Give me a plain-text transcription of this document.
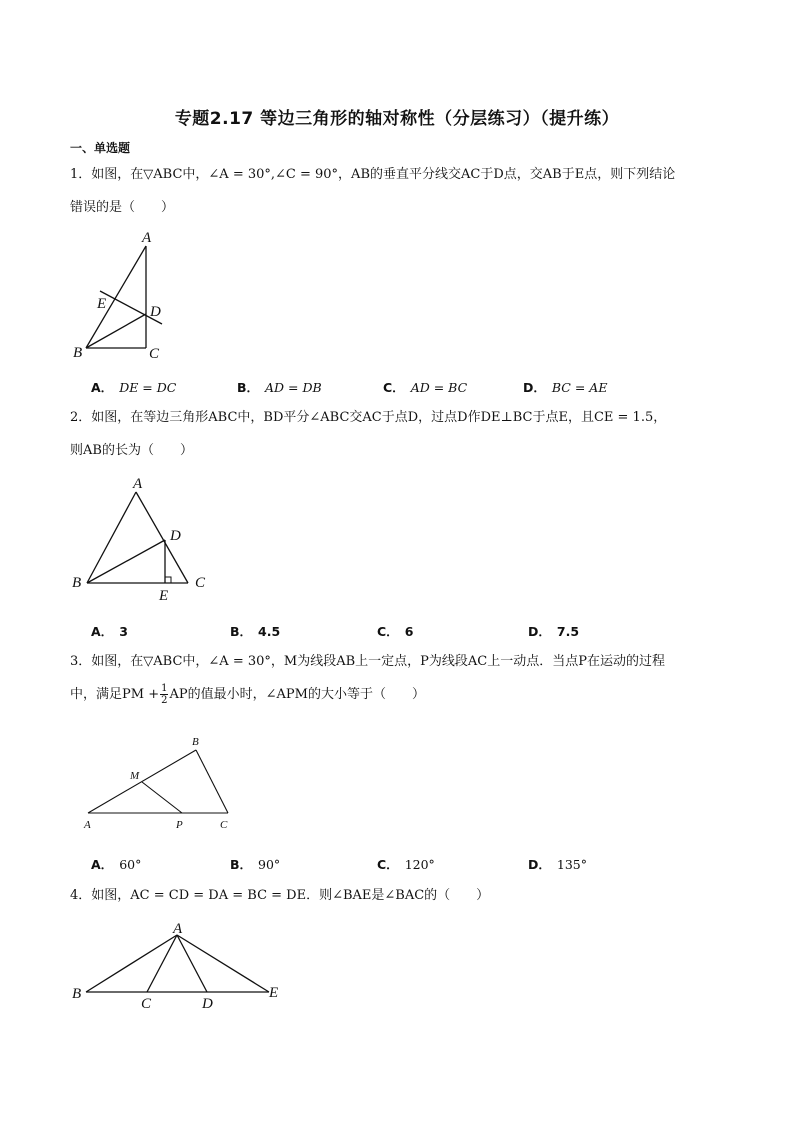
专题2.17 等边三角形的轴对称性（分层练习）（提升练）
一、单选题
1．如图，在▽ABC中，∠A = 30°,∠C = 90°，AB的垂直平分线交AC于D点，交AB于E点，则下列结论
错误的是（　　）
A
B	C
D
E
A． DE = DC	B． AD = DB	C． AD = BC	D． BC = AE
2．如图，在等边三角形ABC中，BD平分∠ABC交AC于点D，过点D作DE⊥BC于点E，且CE = 1.5，
则AB的长为（　　）
A
B	C
D
E
A． 3	B． 4.5	C． 6	D． 7.5
3．如图，在▽ABC中，∠A = 30°，M为线段AB上一定点，P为线段AC上一动点．当点P在运动的过程
中，满足PM + $\frac{1}{2}$ AP的值最小时，∠APM的大小等于（　　）
B
M
A	P	C
A． 60°	B． 90°	C． 120°	D． 135°
4．如图，AC = CD = DA = BC = DE．则∠BAE是∠BAC的（　　）
A
B
C	D
E
